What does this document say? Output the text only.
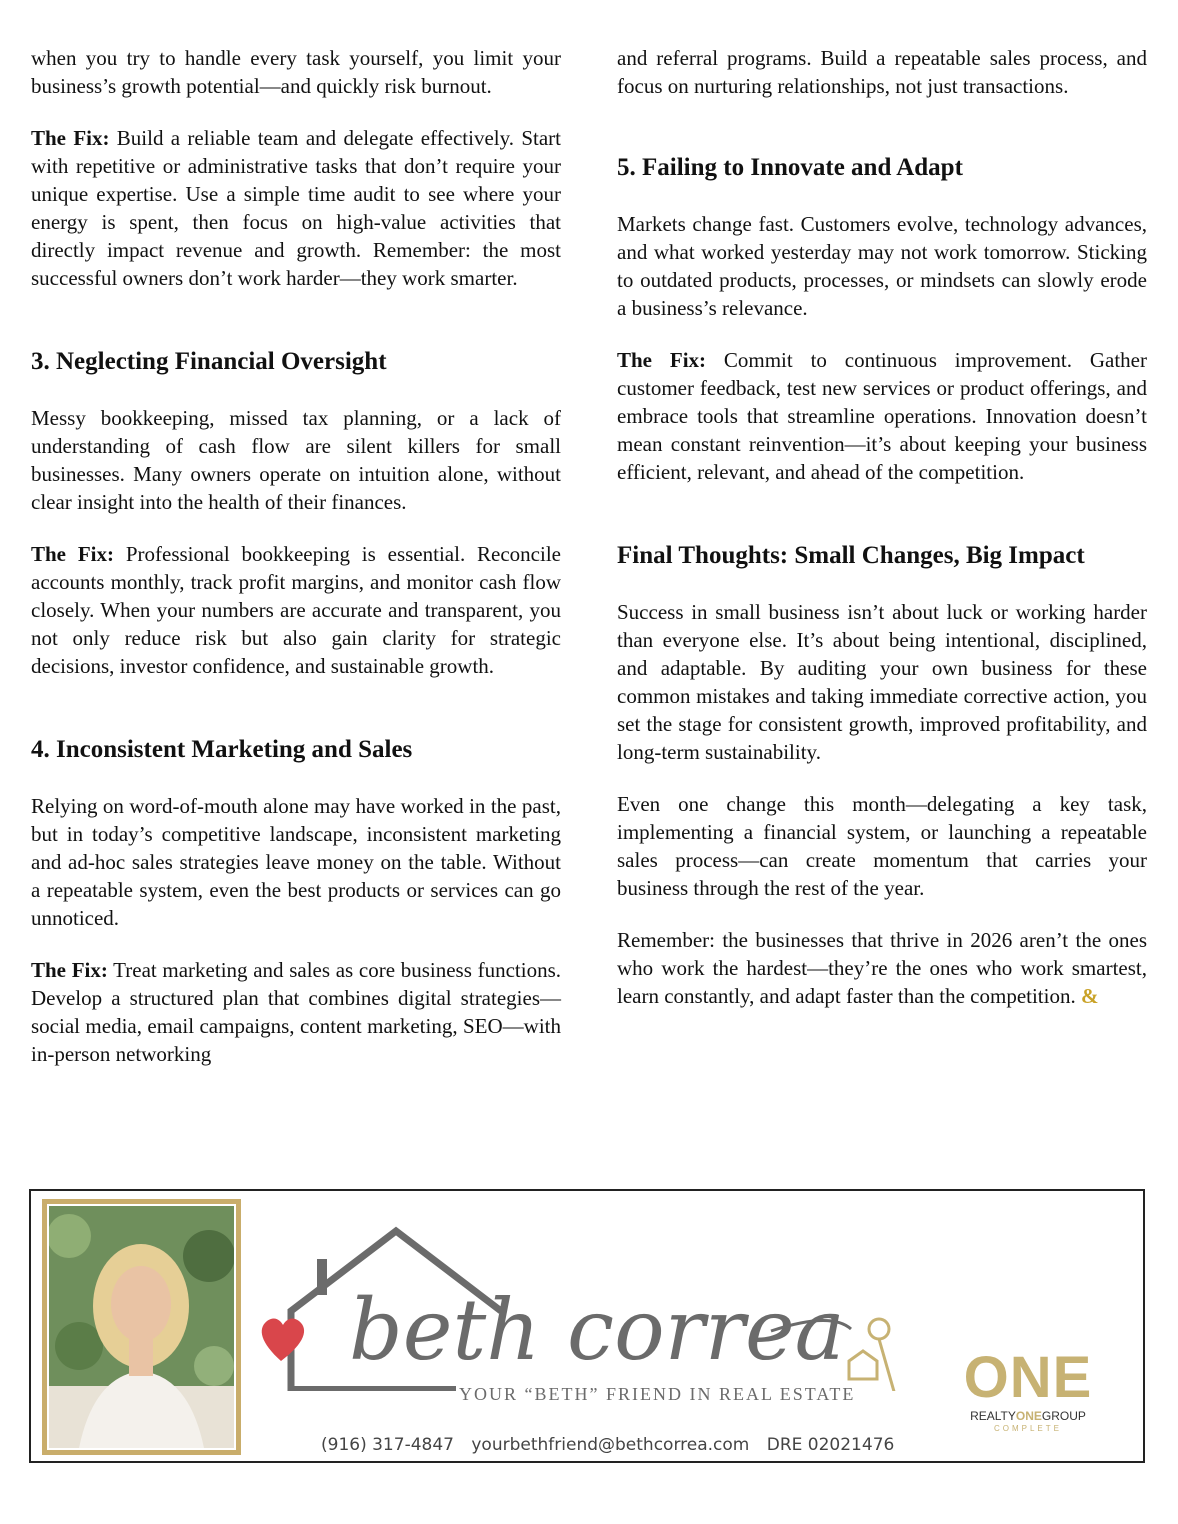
when you try to handle every task yourself, you limit your business’s growth potential—and quickly risk burnout.

The Fix: Build a reliable team and delegate effectively. Start with repetitive or administrative tasks that don’t require your unique expertise. Use a simple time audit to see where your energy is spent, then focus on high-value activities that directly impact revenue and growth. Remember: the most successful owners don’t work harder—they work smarter.

3. Neglecting Financial Oversight

Messy bookkeeping, missed tax planning, or a lack of understanding of cash flow are silent killers for small businesses. Many owners operate on intuition alone, without clear insight into the health of their finances.

The Fix: Professional bookkeeping is essential. Reconcile accounts monthly, track profit margins, and monitor cash flow closely. When your numbers are accurate and transparent, you not only reduce risk but also gain clarity for strategic decisions, investor confidence, and sustainable growth.

4. Inconsistent Marketing and Sales

Relying on word-of-mouth alone may have worked in the past, but in today’s competitive landscape, inconsistent marketing and ad-hoc sales strategies leave money on the table. Without a repeatable system, even the best products or services can go unnoticed.

The Fix: Treat marketing and sales as core business functions. Develop a structured plan that combines digital strategies—social media, email campaigns, content marketing, SEO—with in-person networking

and referral programs. Build a repeatable sales process, and focus on nurturing relationships, not just transactions.

5. Failing to Innovate and Adapt

Markets change fast. Customers evolve, technology advances, and what worked yesterday may not work tomorrow. Sticking to outdated products, processes, or mindsets can slowly erode a business’s relevance.

The Fix: Commit to continuous improvement. Gather customer feedback, test new services or product offerings, and embrace tools that streamline operations. Innovation doesn’t mean constant reinvention—it’s about keeping your business efficient, relevant, and ahead of the competition.

Final Thoughts: Small Changes, Big Impact

Success in small business isn’t about luck or working harder than everyone else. It’s about being intentional, disciplined, and adaptable. By auditing your own business for these common mistakes and taking immediate corrective action, you set the stage for consistent growth, improved profitability, and long-term sustainability.

Even one change this month—delegating a key task, implementing a financial system, or launching a repeatable sales process—can create momentum that carries your business through the rest of the year.

Remember: the businesses that thrive in 2026 aren’t the ones who work the hardest—they’re the ones who work smartest, learn constantly, and adapt faster than the competition. &

beth correa
YOUR “BETH” FRIEND IN REAL ESTATE
(916) 317-4847 yourbethfriend@bethcorrea.com DRE 02021476
ONE
REALTYONEGROUP
COMPLETE
